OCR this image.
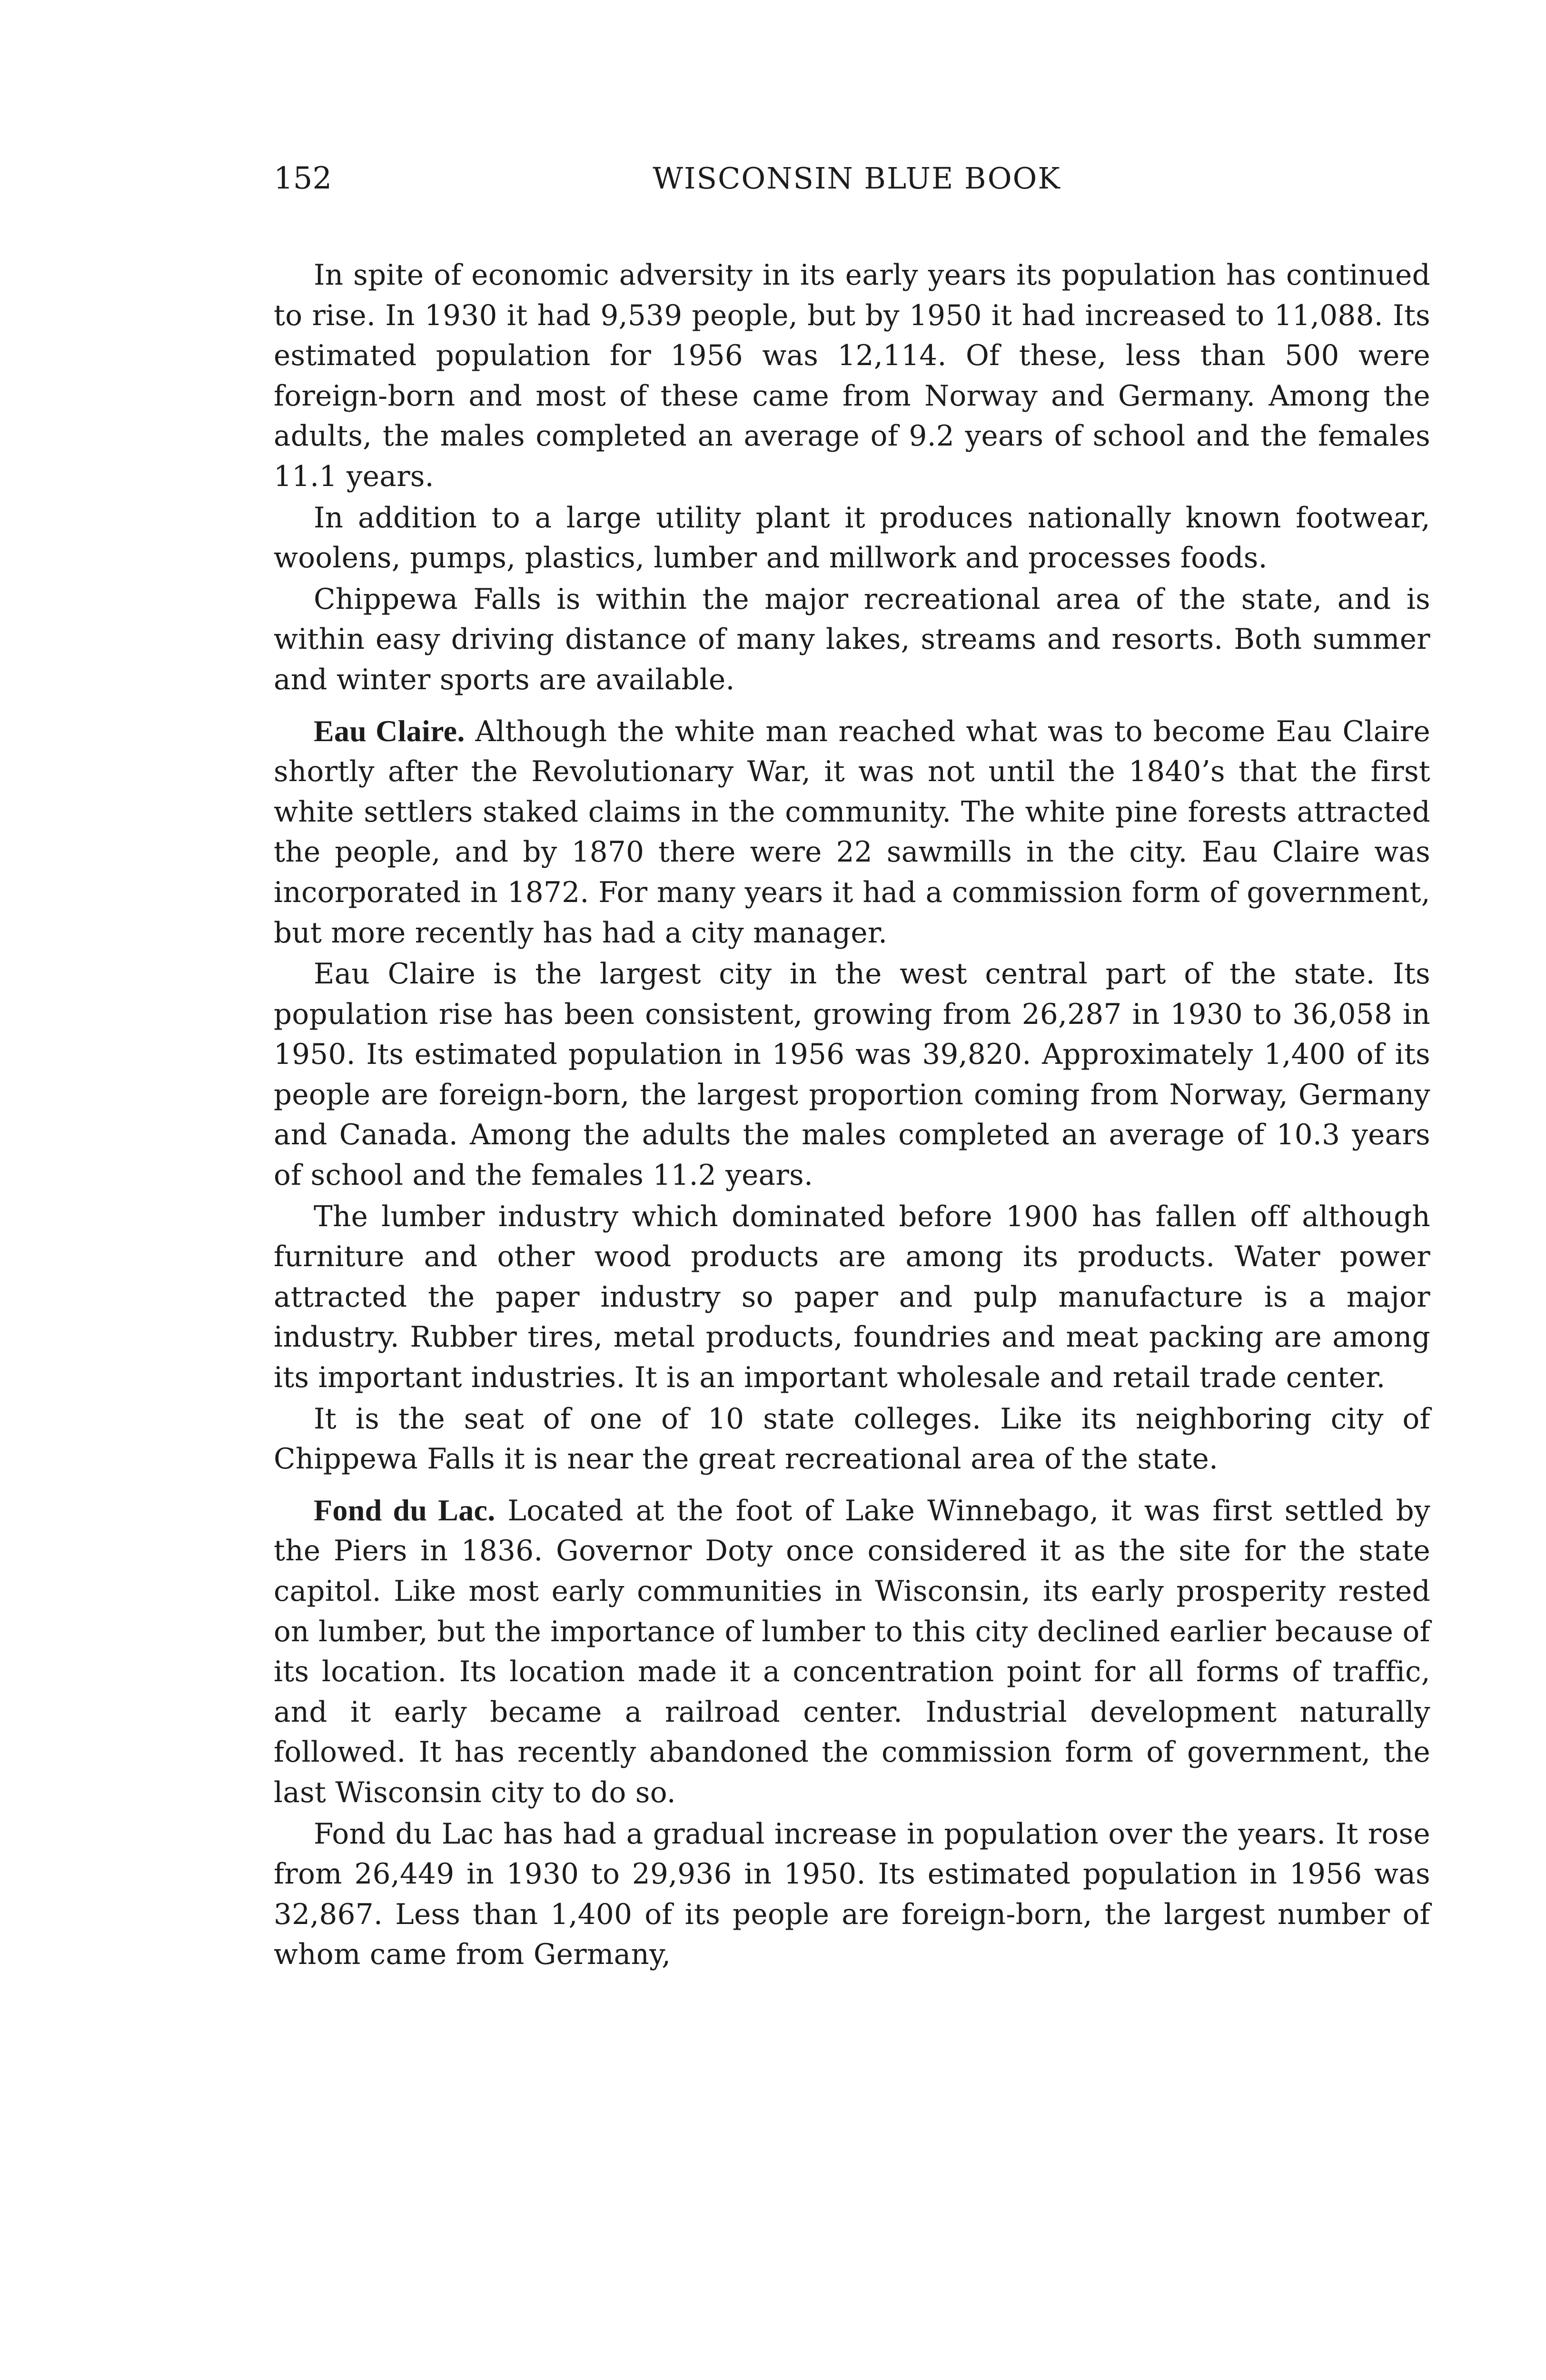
152	WISCONSIN BLUE BOOK

In spite of economic adversity in its early years its population has continued to rise. In 1930 it had 9,539 people, but by 1950 it had increased to 11,088. Its estimated population for 1956 was 12,114. Of these, less than 500 were foreign-born and most of these came from Norway and Germany. Among the adults, the males completed an average of 9.2 years of school and the females 11.1 years.

In addition to a large utility plant it produces nationally known footwear, woolens, pumps, plastics, lumber and millwork and processes foods.

Chippewa Falls is within the major recreational area of the state, and is within easy driving distance of many lakes, streams and resorts. Both summer and winter sports are available.

Eau Claire. Although the white man reached what was to become Eau Claire shortly after the Revolutionary War, it was not until the 1840’s that the first white settlers staked claims in the community. The white pine forests attracted the people, and by 1870 there were 22 sawmills in the city. Eau Claire was incorporated in 1872. For many years it had a commission form of government, but more recently has had a city manager.

Eau Claire is the largest city in the west central part of the state. Its population rise has been consistent, growing from 26,287 in 1930 to 36,058 in 1950. Its estimated population in 1956 was 39,820. Approximately 1,400 of its people are foreign-born, the largest proportion coming from Norway, Germany and Canada. Among the adults the males completed an average of 10.3 years of school and the females 11.2 years.

The lumber industry which dominated before 1900 has fallen off although furniture and other wood products are among its products. Water power attracted the paper industry so paper and pulp manufacture is a major industry. Rubber tires, metal products, foundries and meat packing are among its important industries. It is an important wholesale and retail trade center.

It is the seat of one of 10 state colleges. Like its neighboring city of Chippewa Falls it is near the great recreational area of the state.

Fond du Lac. Located at the foot of Lake Winnebago, it was first settled by the Piers in 1836. Governor Doty once considered it as the site for the state capitol. Like most early communities in Wisconsin, its early prosperity rested on lumber, but the importance of lumber to this city declined earlier because of its location. Its location made it a concentration point for all forms of traffic, and it early became a railroad center. Industrial development naturally followed. It has recently abandoned the commission form of government, the last Wisconsin city to do so.

Fond du Lac has had a gradual increase in population over the years. It rose from 26,449 in 1930 to 29,936 in 1950. Its estimated population in 1956 was 32,867. Less than 1,400 of its people are foreign-born, the largest number of whom came from Germany,
